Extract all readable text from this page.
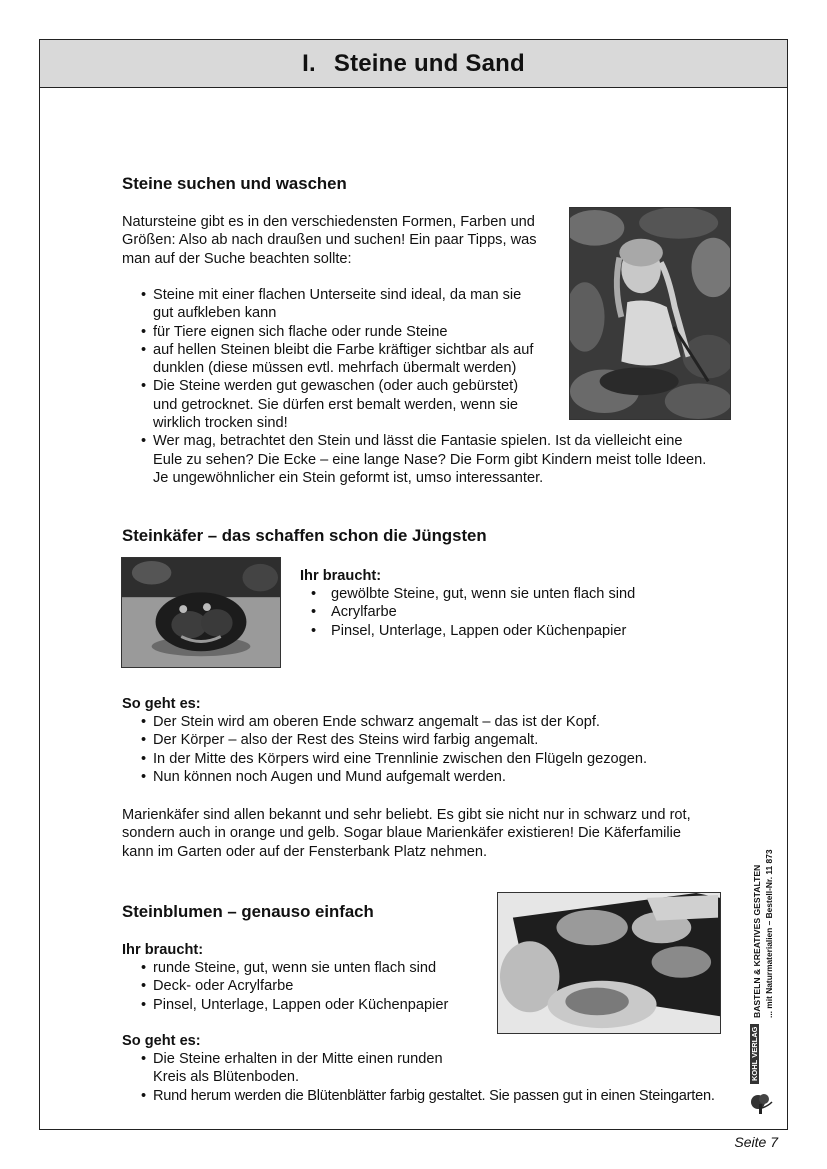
I. Steine und Sand
Steine suchen und waschen
Natursteine gibt es in den verschiedensten Formen, Farben und
Größen: Also ab nach draußen und suchen! Ein paar Tipps, was
man auf der Suche beachten sollte:
• Steine mit einer flachen Unterseite sind ideal, da man sie
gut aufkleben kann
• für Tiere eignen sich flache oder runde Steine
• auf hellen Steinen bleibt die Farbe kräftiger sichtbar als auf
dunklen (diese müssen evtl. mehrfach übermalt werden)
• Die Steine werden gut gewaschen (oder auch gebürstet)
und getrocknet. Sie dürfen erst bemalt werden, wenn sie
wirklich trocken sind!
• Wer mag, betrachtet den Stein und lässt die Fantasie spielen. Ist da vielleicht eine
Eule zu sehen? Die Ecke – eine lange Nase? Die Form gibt Kindern meist tolle Ideen.
Je ungewöhnlicher ein Stein geformt ist, umso interessanter.
Steinkäfer – das schaffen schon die Jüngsten
Ihr braucht:
• gewölbte Steine, gut, wenn sie unten flach sind
• Acrylfarbe
• Pinsel, Unterlage, Lappen oder Küchenpapier
So geht es:
• Der Stein wird am oberen Ende schwarz angemalt – das ist der Kopf.
• Der Körper – also der Rest des Steins wird farbig angemalt.
• In der Mitte des Körpers wird eine Trennlinie zwischen den Flügeln gezogen.
• Nun können noch Augen und Mund aufgemalt werden.
Marienkäfer sind allen bekannt und sehr beliebt. Es gibt sie nicht nur in schwarz und rot,
sondern auch in orange und gelb. Sogar blaue Marienkäfer existieren! Die Käferfamilie
kann im Garten oder auf der Fensterbank Platz nehmen.
Steinblumen – genauso einfach
Ihr braucht:
• runde Steine, gut, wenn sie unten flach sind
• Deck- oder Acrylfarbe
• Pinsel, Unterlage, Lappen oder Küchenpapier
So geht es:
• Die Steine erhalten in der Mitte einen runden
Kreis als Blütenboden.
• Rund herum werden die Blütenblätter farbig gestaltet. Sie passen gut in einen Steingarten.
BASTELN & KREATIVES GESTALTEN ... mit Naturmaterialien – Bestell-Nr. 11 873
KOHL VERLAG
Seite 7
